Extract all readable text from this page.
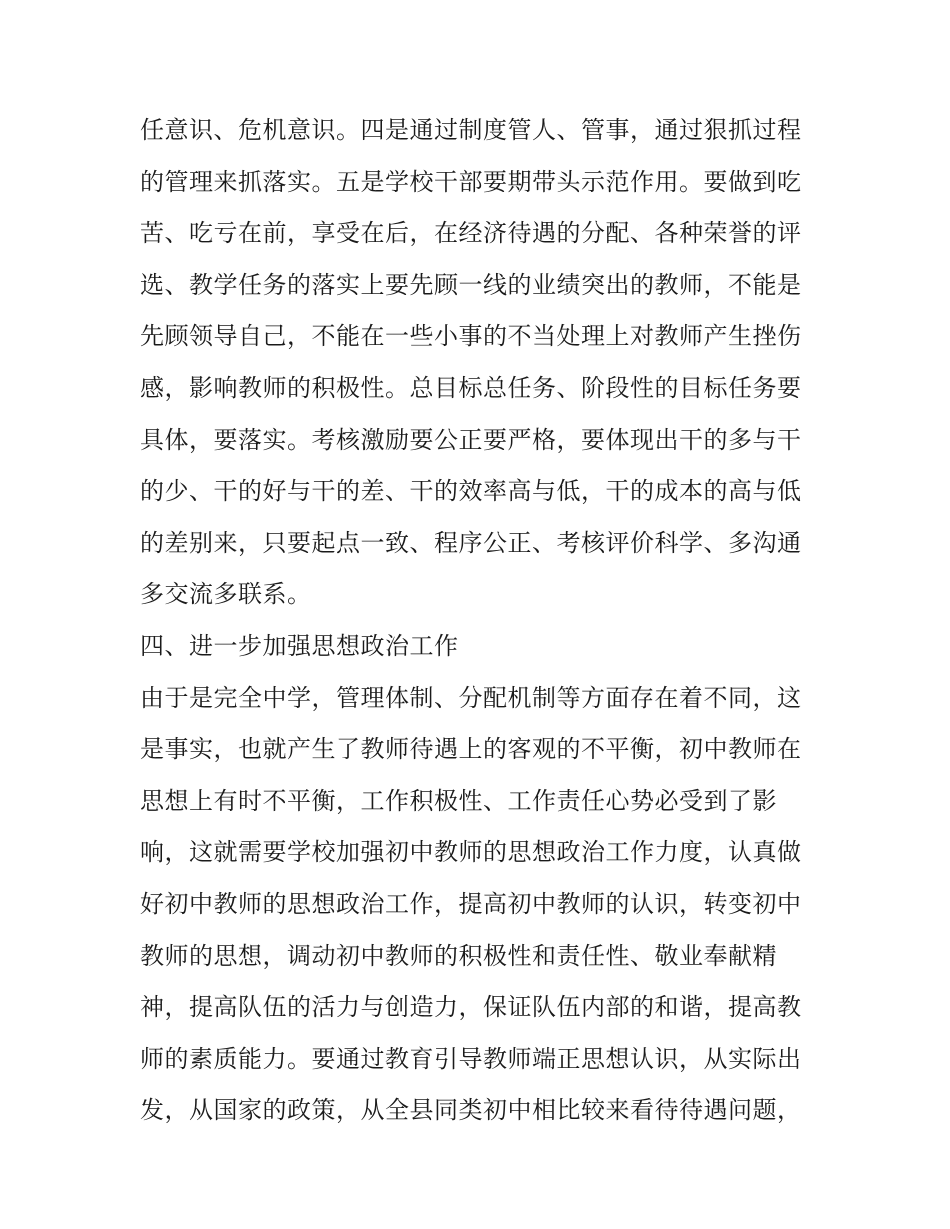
任意识、危机意识。四是通过制度管人、管事，通过狠抓过程
的管理来抓落实。五是学校干部要期带头示范作用。要做到吃
苦、吃亏在前，享受在后，在经济待遇的分配、各种荣誉的评
选、教学任务的落实上要先顾一线的业绩突出的教师，不能是
先顾领导自己，不能在一些小事的不当处理上对教师产生挫伤
感，影响教师的积极性。总目标总任务、阶段性的目标任务要
具体，要落实。考核激励要公正要严格，要体现出干的多与干
的少、干的好与干的差、干的效率高与低，干的成本的高与低
的差别来，只要起点一致、程序公正、考核评价科学、多沟通
多交流多联系。
四、进一步加强思想政治工作
由于是完全中学，管理体制、分配机制等方面存在着不同，这
是事实，也就产生了教师待遇上的客观的不平衡，初中教师在
思想上有时不平衡，工作积极性、工作责任心势必受到了影
响，这就需要学校加强初中教师的思想政治工作力度，认真做
好初中教师的思想政治工作，提高初中教师的认识，转变初中
教师的思想，调动初中教师的积极性和责任性、敬业奉献精
神，提高队伍的活力与创造力，保证队伍内部的和谐，提高教
师的素质能力。要通过教育引导教师端正思想认识，从实际出
发，从国家的政策，从全县同类初中相比较来看待待遇问题，
